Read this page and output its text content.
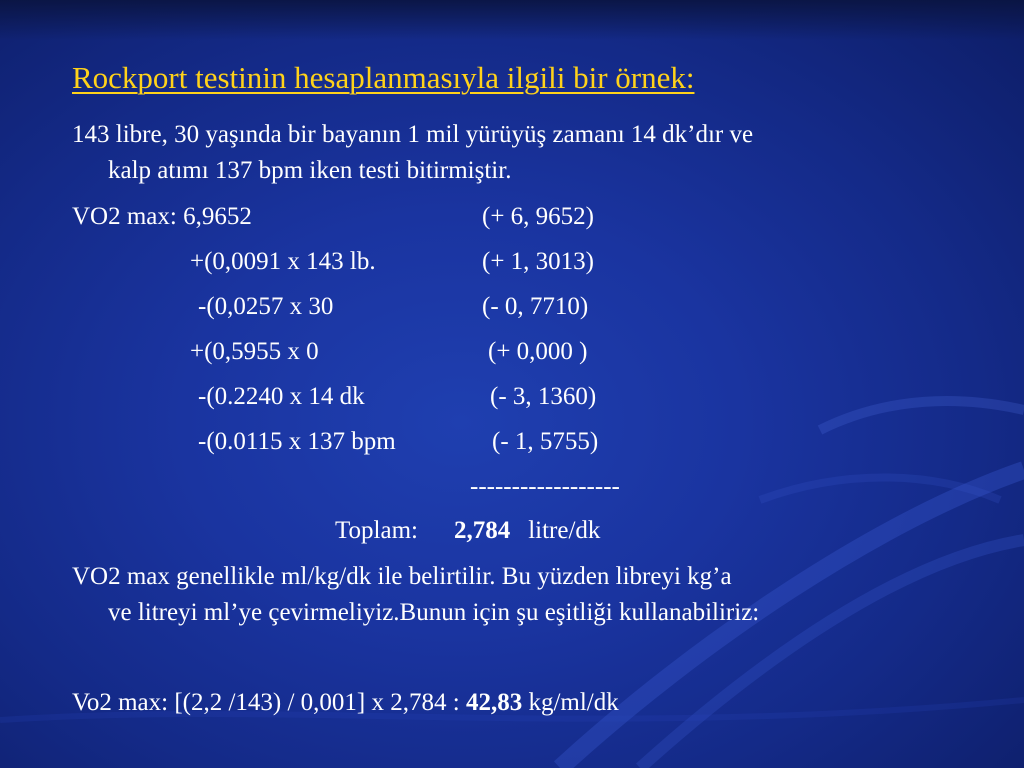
Rockport testinin hesaplanmasıyla ilgili bir örnek:
143 libre, 30 yaşında bir bayanın 1 mil yürüyüş zamanı 14 dk’dır ve
kalp atımı 137 bpm iken testi bitirmiştir.
VO2 max: 6,9652	(+ 6, 9652)
+(0,0091 x 143 lb.	(+ 1, 3013)
-(0,0257 x 30	(- 0, 7710)
+(0,5955 x 0	(+ 0,000 )
-(0.2240 x 14 dk	(- 3, 1360)
-(0.0115 x 137 bpm	(- 1, 5755)
------------------
Toplam: 2,784 litre/dk
VO2 max genellikle ml/kg/dk ile belirtilir. Bu yüzden libreyi kg’a
ve litreyi ml’ye çevirmeliyiz.Bunun için şu eşitliği kullanabiliriz:
Vo2 max: [(2,2 /143) / 0,001] x 2,784 : 42,83 kg/ml/dk
